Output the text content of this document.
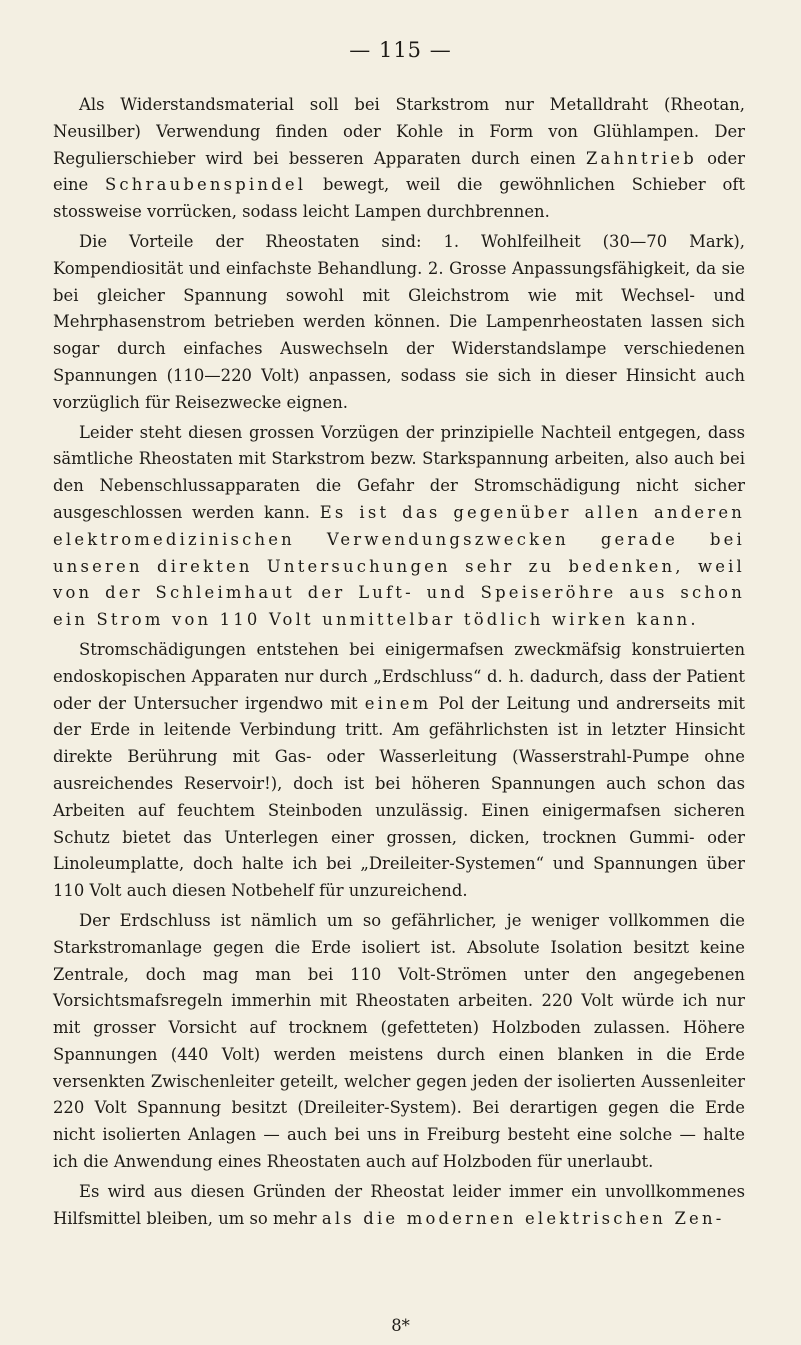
— 115 —

Als Widerstandsmaterial soll bei Starkstrom nur Metalldraht (Rheotan, Neusilber) Verwendung finden oder Kohle in Form von Glühlampen. Der Regulierschieber wird bei besseren Apparaten durch einen Zahntrieb oder eine Schraubenspindel bewegt, weil die gewöhnlichen Schieber oft stossweise vorrücken, sodass leicht Lampen durchbrennen.

Die Vorteile der Rheostaten sind: 1. Wohlfeilheit (30—70 Mark), Kompendiosität und einfachste Behandlung. 2. Grosse Anpassungsfähigkeit, da sie bei gleicher Spannung sowohl mit Gleichstrom wie mit Wechsel- und Mehrphasenstrom betrieben werden können. Die Lampenrheostaten lassen sich sogar durch einfaches Auswechseln der Widerstandslampe verschiedenen Spannungen (110—220 Volt) anpassen, sodass sie sich in dieser Hinsicht auch vorzüglich für Reisezwecke eignen.

Leider steht diesen grossen Vorzügen der prinzipielle Nachteil entgegen, dass sämtliche Rheostaten mit Starkstrom bezw. Starkspannung arbeiten, also auch bei den Nebenschlussapparaten die Gefahr der Stromschädigung nicht sicher ausgeschlossen werden kann. Es ist das gegenüber allen anderen elektromedizinischen Verwendungszwecken gerade bei unseren direkten Untersuchungen sehr zu bedenken, weil von der Schleimhaut der Luft- und Speiseröhre aus schon ein Strom von 110 Volt unmittelbar tödlich wirken kann.

Stromschädigungen entstehen bei einigermafsen zweckmäfsig konstruierten endoskopischen Apparaten nur durch „Erdschluss“ d. h. dadurch, dass der Patient oder der Untersucher irgendwo mit einem Pol der Leitung und andrerseits mit der Erde in leitende Verbindung tritt. Am gefährlichsten ist in letzter Hinsicht direkte Berührung mit Gas- oder Wasserleitung (Wasserstrahl-Pumpe ohne ausreichendes Reservoir!), doch ist bei höheren Spannungen auch schon das Arbeiten auf feuchtem Steinboden unzulässig. Einen einigermafsen sicheren Schutz bietet das Unterlegen einer grossen, dicken, trocknen Gummi- oder Linoleumplatte, doch halte ich bei „Dreileiter-Systemen“ und Spannungen über 110 Volt auch diesen Notbehelf für unzureichend.

Der Erdschluss ist nämlich um so gefährlicher, je weniger vollkommen die Starkstromanlage gegen die Erde isoliert ist. Absolute Isolation besitzt keine Zentrale, doch mag man bei 110 Volt-Strömen unter den angegebenen Vorsichtsmafsregeln immerhin mit Rheostaten arbeiten. 220 Volt würde ich nur mit grosser Vorsicht auf trocknem (gefetteten) Holzboden zulassen. Höhere Spannungen (440 Volt) werden meistens durch einen blanken in die Erde versenkten Zwischenleiter geteilt, welcher gegen jeden der isolierten Aussenleiter 220 Volt Spannung besitzt (Dreileiter-System). Bei derartigen gegen die Erde nicht isolierten Anlagen — auch bei uns in Freiburg besteht eine solche — halte ich die Anwendung eines Rheostaten auch auf Holzboden für unerlaubt.

Es wird aus diesen Gründen der Rheostat leider immer ein unvollkommenes Hilfsmittel bleiben, um so mehr als die modernen elektrischen Zen-

8*
